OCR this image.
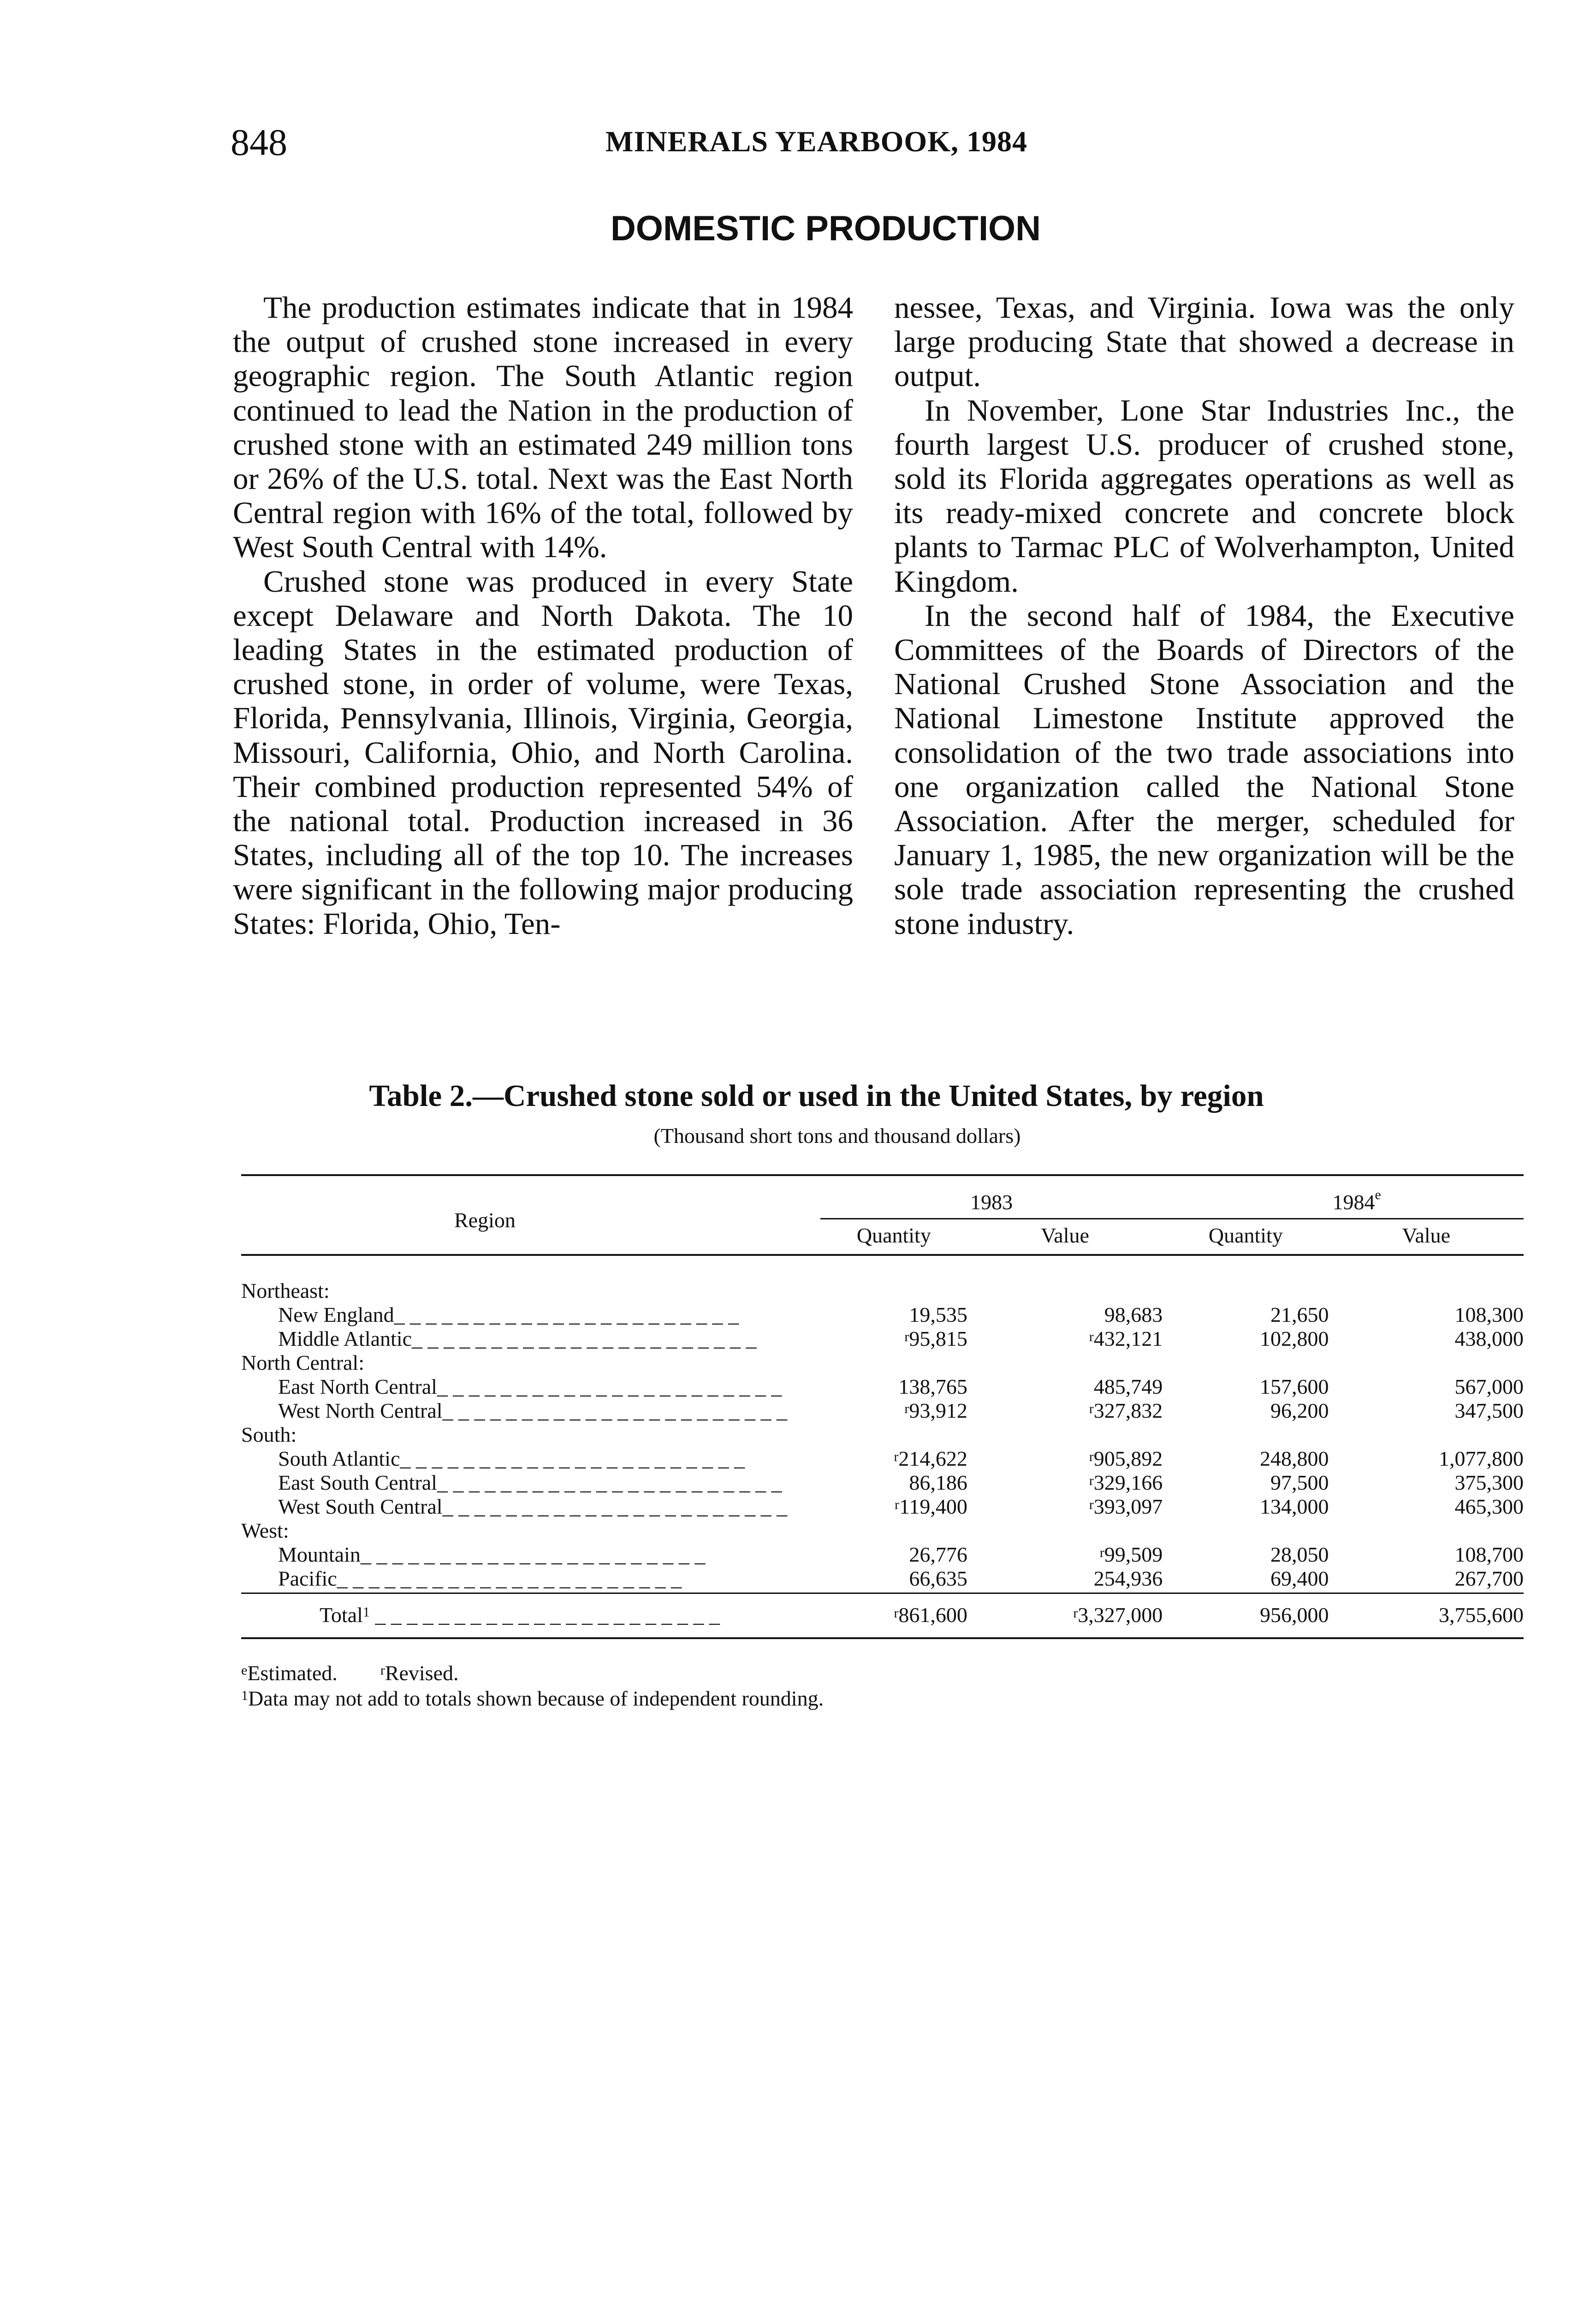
848	MINERALS YEARBOOK, 1984
DOMESTIC PRODUCTION

The production estimates indicate that in 1984 the output of crushed stone increased in every geographic region. The South Atlantic region continued to lead the Nation in the production of crushed stone with an estimated 249 million tons or 26% of the U.S. total. Next was the East North Central region with 16% of the total, followed by West South Central with 14%.

Crushed stone was produced in every State except Delaware and North Dakota. The 10 leading States in the estimated production of crushed stone, in order of volume, were Texas, Florida, Pennsylvania, Illinois, Virginia, Georgia, Missouri, California, Ohio, and North Carolina. Their combined production represented 54% of the national total. Production increased in 36 States, including all of the top 10. The increases were significant in the following major producing States: Florida, Ohio, Ten-

nessee, Texas, and Virginia. Iowa was the only large producing State that showed a decrease in output.

In November, Lone Star Industries Inc., the fourth largest U.S. producer of crushed stone, sold its Florida aggregates operations as well as its ready-mixed concrete and concrete block plants to Tarmac PLC of Wolverhampton, United Kingdom.

In the second half of 1984, the Executive Committees of the Boards of Directors of the National Crushed Stone Association and the National Limestone Institute approved the consolidation of the two trade associations into one organization called the National Stone Association. After the merger, scheduled for January 1, 1985, the new organization will be the sole trade association representing the crushed stone industry.

Table 2.—Crushed stone sold or used in the United States, by region
(Thousand short tons and thousand dollars)
Region	1983		1984e
	Quantity	Value	Quantity	Value
Northeast:				
New England_ _ _ _ _ _ _ _ _ _ _ _ _ _ _ _ _ _ _ _ _ _	19,535	98,683	21,650	108,300
Middle Atlantic_ _ _ _ _ _ _ _ _ _ _ _ _ _ _ _ _ _ _ _ _ _	$^r$95,815	$^r$432,121	102,800	438,000
North Central:				
East North Central_ _ _ _ _ _ _ _ _ _ _ _ _ _ _ _ _ _ _ _ _ _	138,765	485,749	157,600	567,000
West North Central_ _ _ _ _ _ _ _ _ _ _ _ _ _ _ _ _ _ _ _ _ _	$^r$93,912	$^r$327,832	96,200	347,500
South:				
South Atlantic_ _ _ _ _ _ _ _ _ _ _ _ _ _ _ _ _ _ _ _ _ _	$^r$214,622	$^r$905,892	248,800	1,077,800
East South Central_ _ _ _ _ _ _ _ _ _ _ _ _ _ _ _ _ _ _ _ _ _	86,186	$^r$329,166	97,500	375,300
West South Central_ _ _ _ _ _ _ _ _ _ _ _ _ _ _ _ _ _ _ _ _ _	$^r$119,400	$^r$393,097	134,000	465,300
West:				
Mountain_ _ _ _ _ _ _ _ _ _ _ _ _ _ _ _ _ _ _ _ _ _	26,776	$^r$99,509	28,050	108,700
Pacific_ _ _ _ _ _ _ _ _ _ _ _ _ _ _ _ _ _ _ _ _ _	66,635	254,936	69,400	267,700

Total$^1$ _ _ _ _ _ _ _ _ _ _ _ _ _ _ _ _ _ _ _ _ _ _	$^r$861,600	$^r$3,327,000	956,000	3,755,600
$^e$Estimated.	$^r$Revised.
$^1$Data may not add to totals shown because of independent rounding.
